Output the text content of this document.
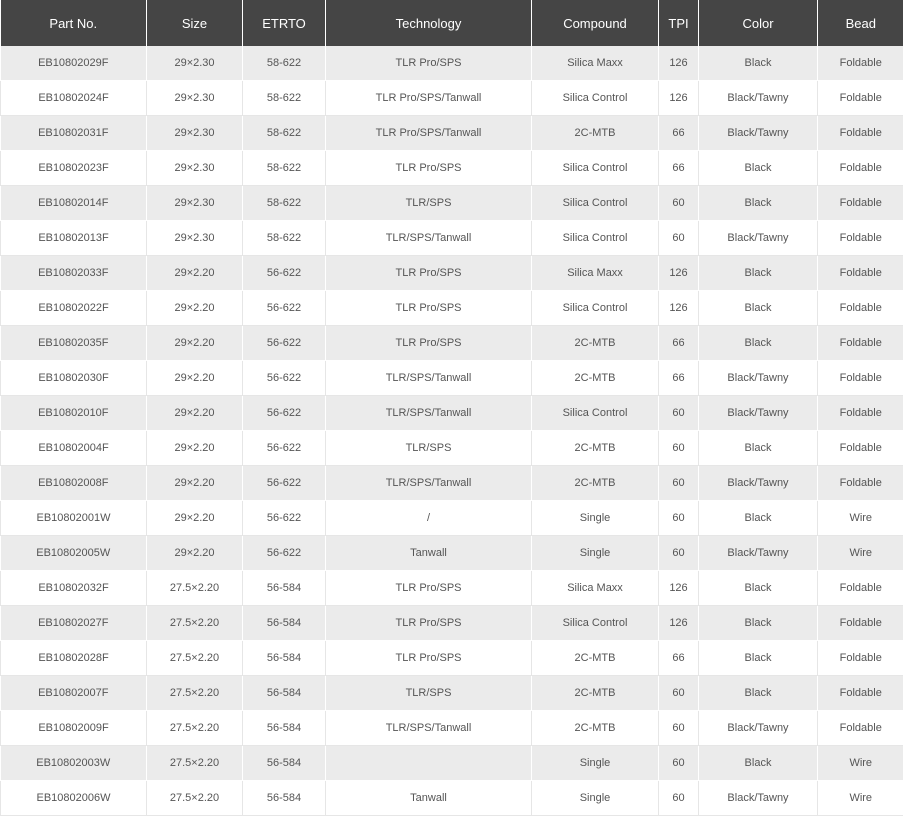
Part No.	Size	ETRTO	Technology	Compound	TPI	Color	Bead
EB10802029F	29×2.30	58-622	TLR Pro/SPS	Silica Maxx	126	Black	Foldable
EB10802024F	29×2.30	58-622	TLR Pro/SPS/Tanwall	Silica Control	126	Black/Tawny	Foldable
EB10802031F	29×2.30	58-622	TLR Pro/SPS/Tanwall	2C-MTB	66	Black/Tawny	Foldable
EB10802023F	29×2.30	58-622	TLR Pro/SPS	Silica Control	66	Black	Foldable
EB10802014F	29×2.30	58-622	TLR/SPS	Silica Control	60	Black	Foldable
EB10802013F	29×2.30	58-622	TLR/SPS/Tanwall	Silica Control	60	Black/Tawny	Foldable
EB10802033F	29×2.20	56-622	TLR Pro/SPS	Silica Maxx	126	Black	Foldable
EB10802022F	29×2.20	56-622	TLR Pro/SPS	Silica Control	126	Black	Foldable
EB10802035F	29×2.20	56-622	TLR Pro/SPS	2C-MTB	66	Black	Foldable
EB10802030F	29×2.20	56-622	TLR/SPS/Tanwall	2C-MTB	66	Black/Tawny	Foldable
EB10802010F	29×2.20	56-622	TLR/SPS/Tanwall	Silica Control	60	Black/Tawny	Foldable
EB10802004F	29×2.20	56-622	TLR/SPS	2C-MTB	60	Black	Foldable
EB10802008F	29×2.20	56-622	TLR/SPS/Tanwall	2C-MTB	60	Black/Tawny	Foldable
EB10802001W	29×2.20	56-622	/	Single	60	Black	Wire
EB10802005W	29×2.20	56-622	Tanwall	Single	60	Black/Tawny	Wire
EB10802032F	27.5×2.20	56-584	TLR Pro/SPS	Silica Maxx	126	Black	Foldable
EB10802027F	27.5×2.20	56-584	TLR Pro/SPS	Silica Control	126	Black	Foldable
EB10802028F	27.5×2.20	56-584	TLR Pro/SPS	2C-MTB	66	Black	Foldable
EB10802007F	27.5×2.20	56-584	TLR/SPS	2C-MTB	60	Black	Foldable
EB10802009F	27.5×2.20	56-584	TLR/SPS/Tanwall	2C-MTB	60	Black/Tawny	Foldable
EB10802003W	27.5×2.20	56-584		Single	60	Black	Wire
EB10802006W	27.5×2.20	56-584	Tanwall	Single	60	Black/Tawny	Wire
